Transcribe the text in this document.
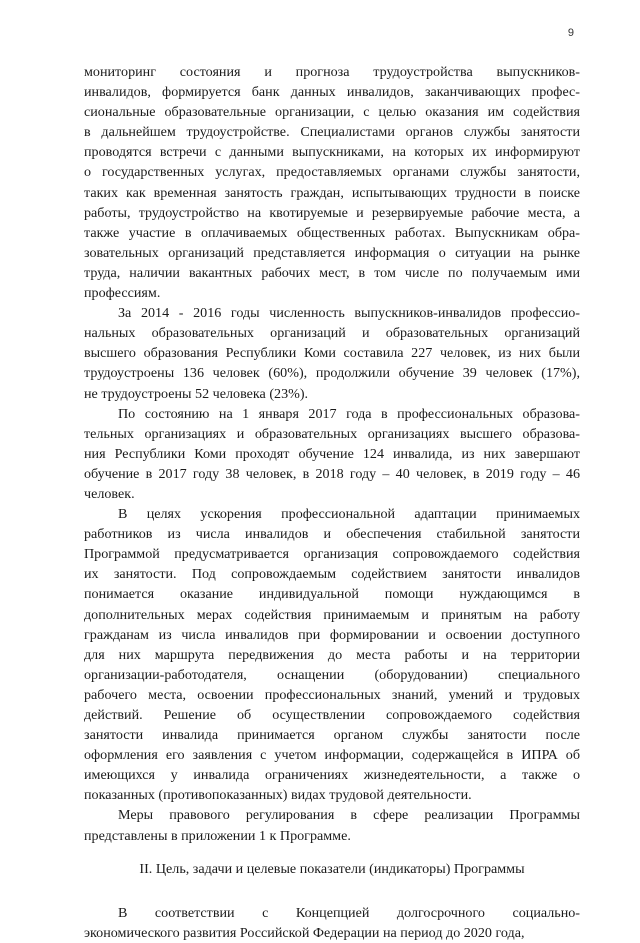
9

мониторинг состояния и прогноза трудоустройства выпускников-
инвалидов, формируется банк данных инвалидов, заканчивающих профес-
сиональные образовательные организации, с целью оказания им содействия
в дальнейшем трудоустройстве. Специалистами органов службы занятости
проводятся встречи с данными выпускниками, на которых их информируют
о государственных услугах, предоставляемых органами службы занятости,
таких как временная занятость граждан, испытывающих трудности в поиске
работы, трудоустройство на квотируемые и резервируемые рабочие места, а
также участие в оплачиваемых общественных работах. Выпускникам обра-
зовательных организаций представляется информация о ситуации на рынке
труда, наличии вакантных рабочих мест, в том числе по получаемым ими
профессиям.

За 2014 - 2016 годы численность выпускников-инвалидов профессио-
нальных образовательных организаций и образовательных организаций
высшего образования Республики Коми составила 227 человек, из них были
трудоустроены 136 человек (60%), продолжили обучение 39 человек (17%),
не трудоустроены 52 человека (23%).

По состоянию на 1 января 2017 года в профессиональных образова-
тельных организациях и образовательных организациях высшего образова-
ния Республики Коми проходят обучение 124 инвалида, из них завершают
обучение в 2017 году 38 человек, в 2018 году – 40 человек, в 2019 году – 46
человек.

В целях ускорения профессиональной адаптации принимаемых
работников из числа инвалидов и обеспечения стабильной занятости
Программой предусматривается организация сопровождаемого содействия
их занятости. Под сопровождаемым содействием занятости инвалидов
понимается оказание индивидуальной помощи нуждающимся в
дополнительных мерах содействия принимаемым и принятым на работу
гражданам из числа инвалидов при формировании и освоении доступного
для них маршрута передвижения до места работы и на территории
организации-работодателя, оснащении (оборудовании) специального
рабочего места, освоении профессиональных знаний, умений и трудовых
действий. Решение об осуществлении сопровождаемого содействия
занятости инвалида принимается органом службы занятости после
оформления его заявления с учетом информации, содержащейся в ИПРА об
имеющихся у инвалида ограничениях жизнедеятельности, а также о
показанных (противопоказанных) видах трудовой деятельности.

Меры правового регулирования в сфере реализации Программы
представлены в приложении 1 к Программе.

II. Цель, задачи и целевые показатели (индикаторы) Программы

В соответствии с Концепцией долгосрочного социально-
экономического развития Российской Федерации на период до 2020 года,
